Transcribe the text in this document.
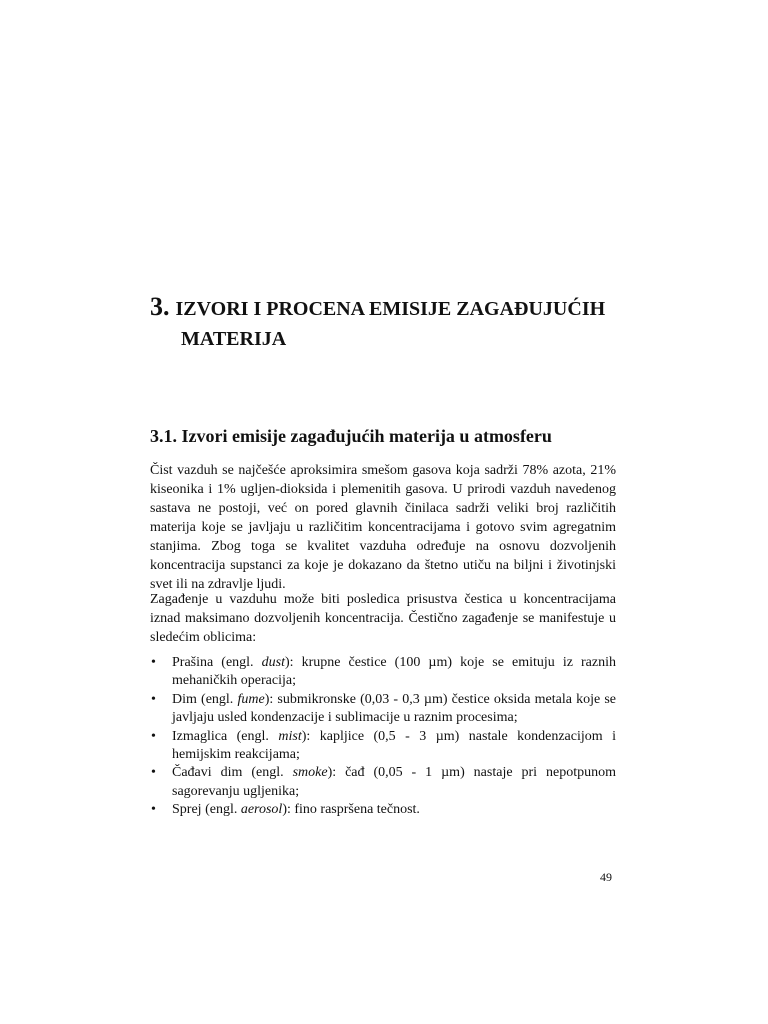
3. IZVORI I PROCENA EMISIJE ZAGAĐUJUĆIH
MATERIJA
3.1. Izvori emisije zagađujućih materija u atmosferu

Čist vazduh se najčešće aproksimira smešom gasova koja sadrži 78% azota, 21% kiseonika i 1% ugljen-dioksida i plemenitih gasova. U prirodi vazduh navedenog sastava ne postoji, već on pored glavnih činilaca sadrži veliki broj različitih materija koje se javljaju u različitim koncentracijama i gotovo svim agregatnim stanjima. Zbog toga se kvalitet vazduha određuje na osnovu dozvoljenih koncentracija supstanci za koje je dokazano da štetno utiču na biljni i životinjski svet ili na zdravlje ljudi.

Zagađenje u vazduhu može biti posledica prisustva čestica u koncentracijama iznad maksimano dozvoljenih koncentracija. Čestično zagađenje se manifestuje u sledećim oblicima:

• Prašina (engl. dust): krupne čestice (100 µm) koje se emituju iz raznih mehaničkih operacija;
• Dim (engl. fume): submikronske (0,03 - 0,3 µm) čestice oksida metala koje se javljaju usled kondenzacije i sublimacije u raznim procesima;
• Izmaglica (engl. mist): kapljice (0,5 - 3 µm) nastale kondenzacijom i hemijskim reakcijama;
• Čađavi dim (engl. smoke): čađ (0,05 - 1 µm) nastaje pri nepotpunom sagorevanju ugljenika;
• Sprej (engl. aerosol): fino raspršena tečnost.
49
